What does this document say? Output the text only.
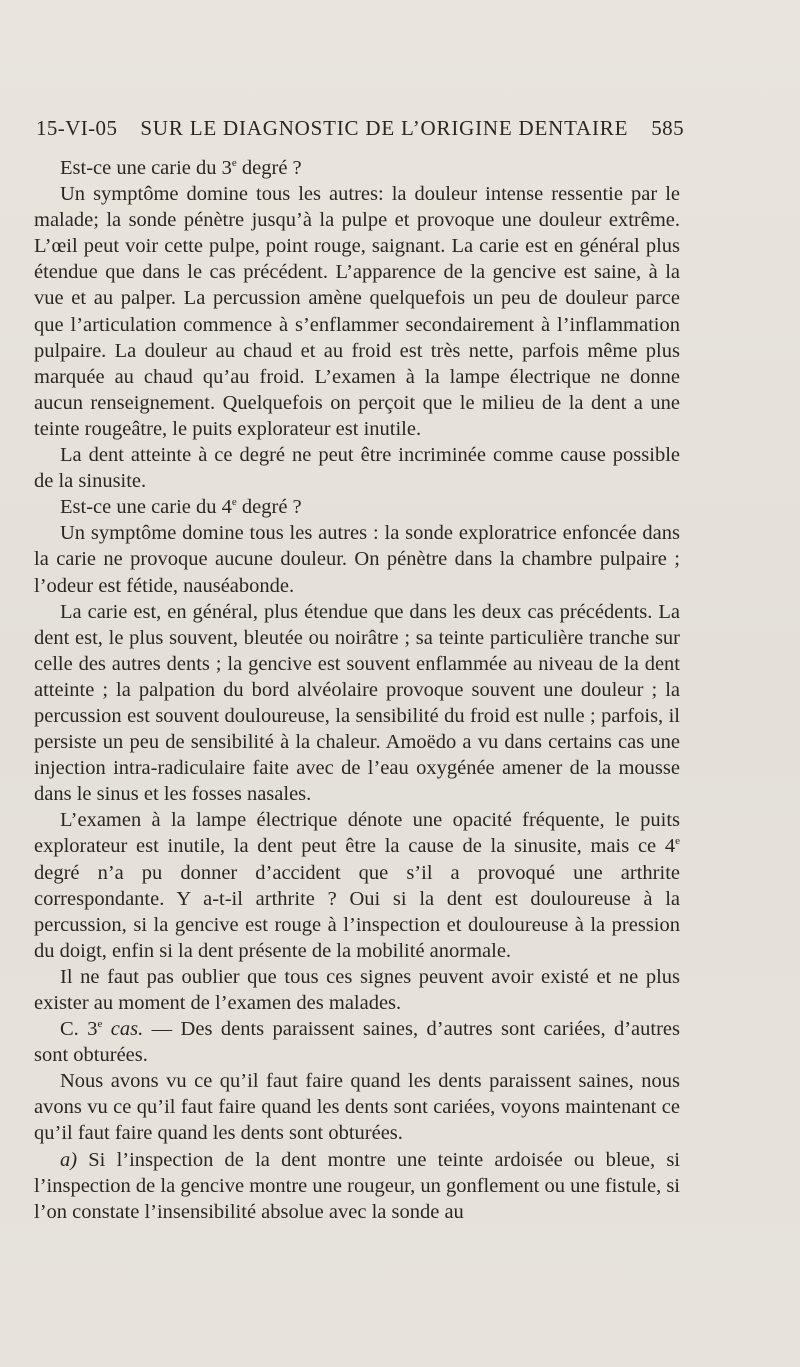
15-VI-05 SUR LE DIAGNOSTIC DE L’ORIGINE DENTAIRE 585

Est-ce une carie du 3e degré ?

Un symptôme domine tous les autres: la douleur intense ressentie par le malade; la sonde pénètre jusqu’à la pulpe et provoque une douleur extrême. L’œil peut voir cette pulpe, point rouge, saignant. La carie est en général plus étendue que dans le cas précédent. L’apparence de la gencive est saine, à la vue et au palper. La percussion amène quelquefois un peu de douleur parce que l’articulation commence à s’enflammer secondairement à l’inflammation pulpaire. La douleur au chaud et au froid est très nette, parfois même plus marquée au chaud qu’au froid. L’examen à la lampe électrique ne donne aucun renseignement. Quelquefois on perçoit que le milieu de la dent a une teinte rougeâtre, le puits explorateur est inutile.

La dent atteinte à ce degré ne peut être incriminée comme cause possible de la sinusite.

Est-ce une carie du 4e degré ?

Un symptôme domine tous les autres : la sonde exploratrice enfoncée dans la carie ne provoque aucune douleur. On pénètre dans la chambre pulpaire ; l’odeur est fétide, nauséabonde.

La carie est, en général, plus étendue que dans les deux cas précédents. La dent est, le plus souvent, bleutée ou noirâtre ; sa teinte particulière tranche sur celle des autres dents ; la gencive est souvent enflammée au niveau de la dent atteinte ; la palpation du bord alvéolaire provoque souvent une douleur ; la percussion est souvent douloureuse, la sensibilité du froid est nulle ; parfois, il persiste un peu de sensibilité à la chaleur. Amoëdo a vu dans certains cas une injection intra-radiculaire faite avec de l’eau oxygénée amener de la mousse dans le sinus et les fosses nasales.

L’examen à la lampe électrique dénote une opacité fréquente, le puits explorateur est inutile, la dent peut être la cause de la sinusite, mais ce 4e degré n’a pu donner d’accident que s’il a provoqué une arthrite correspondante. Y a-t-il arthrite ? Oui si la dent est douloureuse à la percussion, si la gencive est rouge à l’inspection et douloureuse à la pression du doigt, enfin si la dent présente de la mobilité anormale.

Il ne faut pas oublier que tous ces signes peuvent avoir existé et ne plus exister au moment de l’examen des malades.

C. 3e cas. — Des dents paraissent saines, d’autres sont cariées, d’autres sont obturées.

Nous avons vu ce qu’il faut faire quand les dents paraissent saines, nous avons vu ce qu’il faut faire quand les dents sont cariées, voyons maintenant ce qu’il faut faire quand les dents sont obturées.

a) Si l’inspection de la dent montre une teinte ardoisée ou bleue, si l’inspection de la gencive montre une rougeur, un gonflement ou une fistule, si l’on constate l’insensibilité absolue avec la sonde au
